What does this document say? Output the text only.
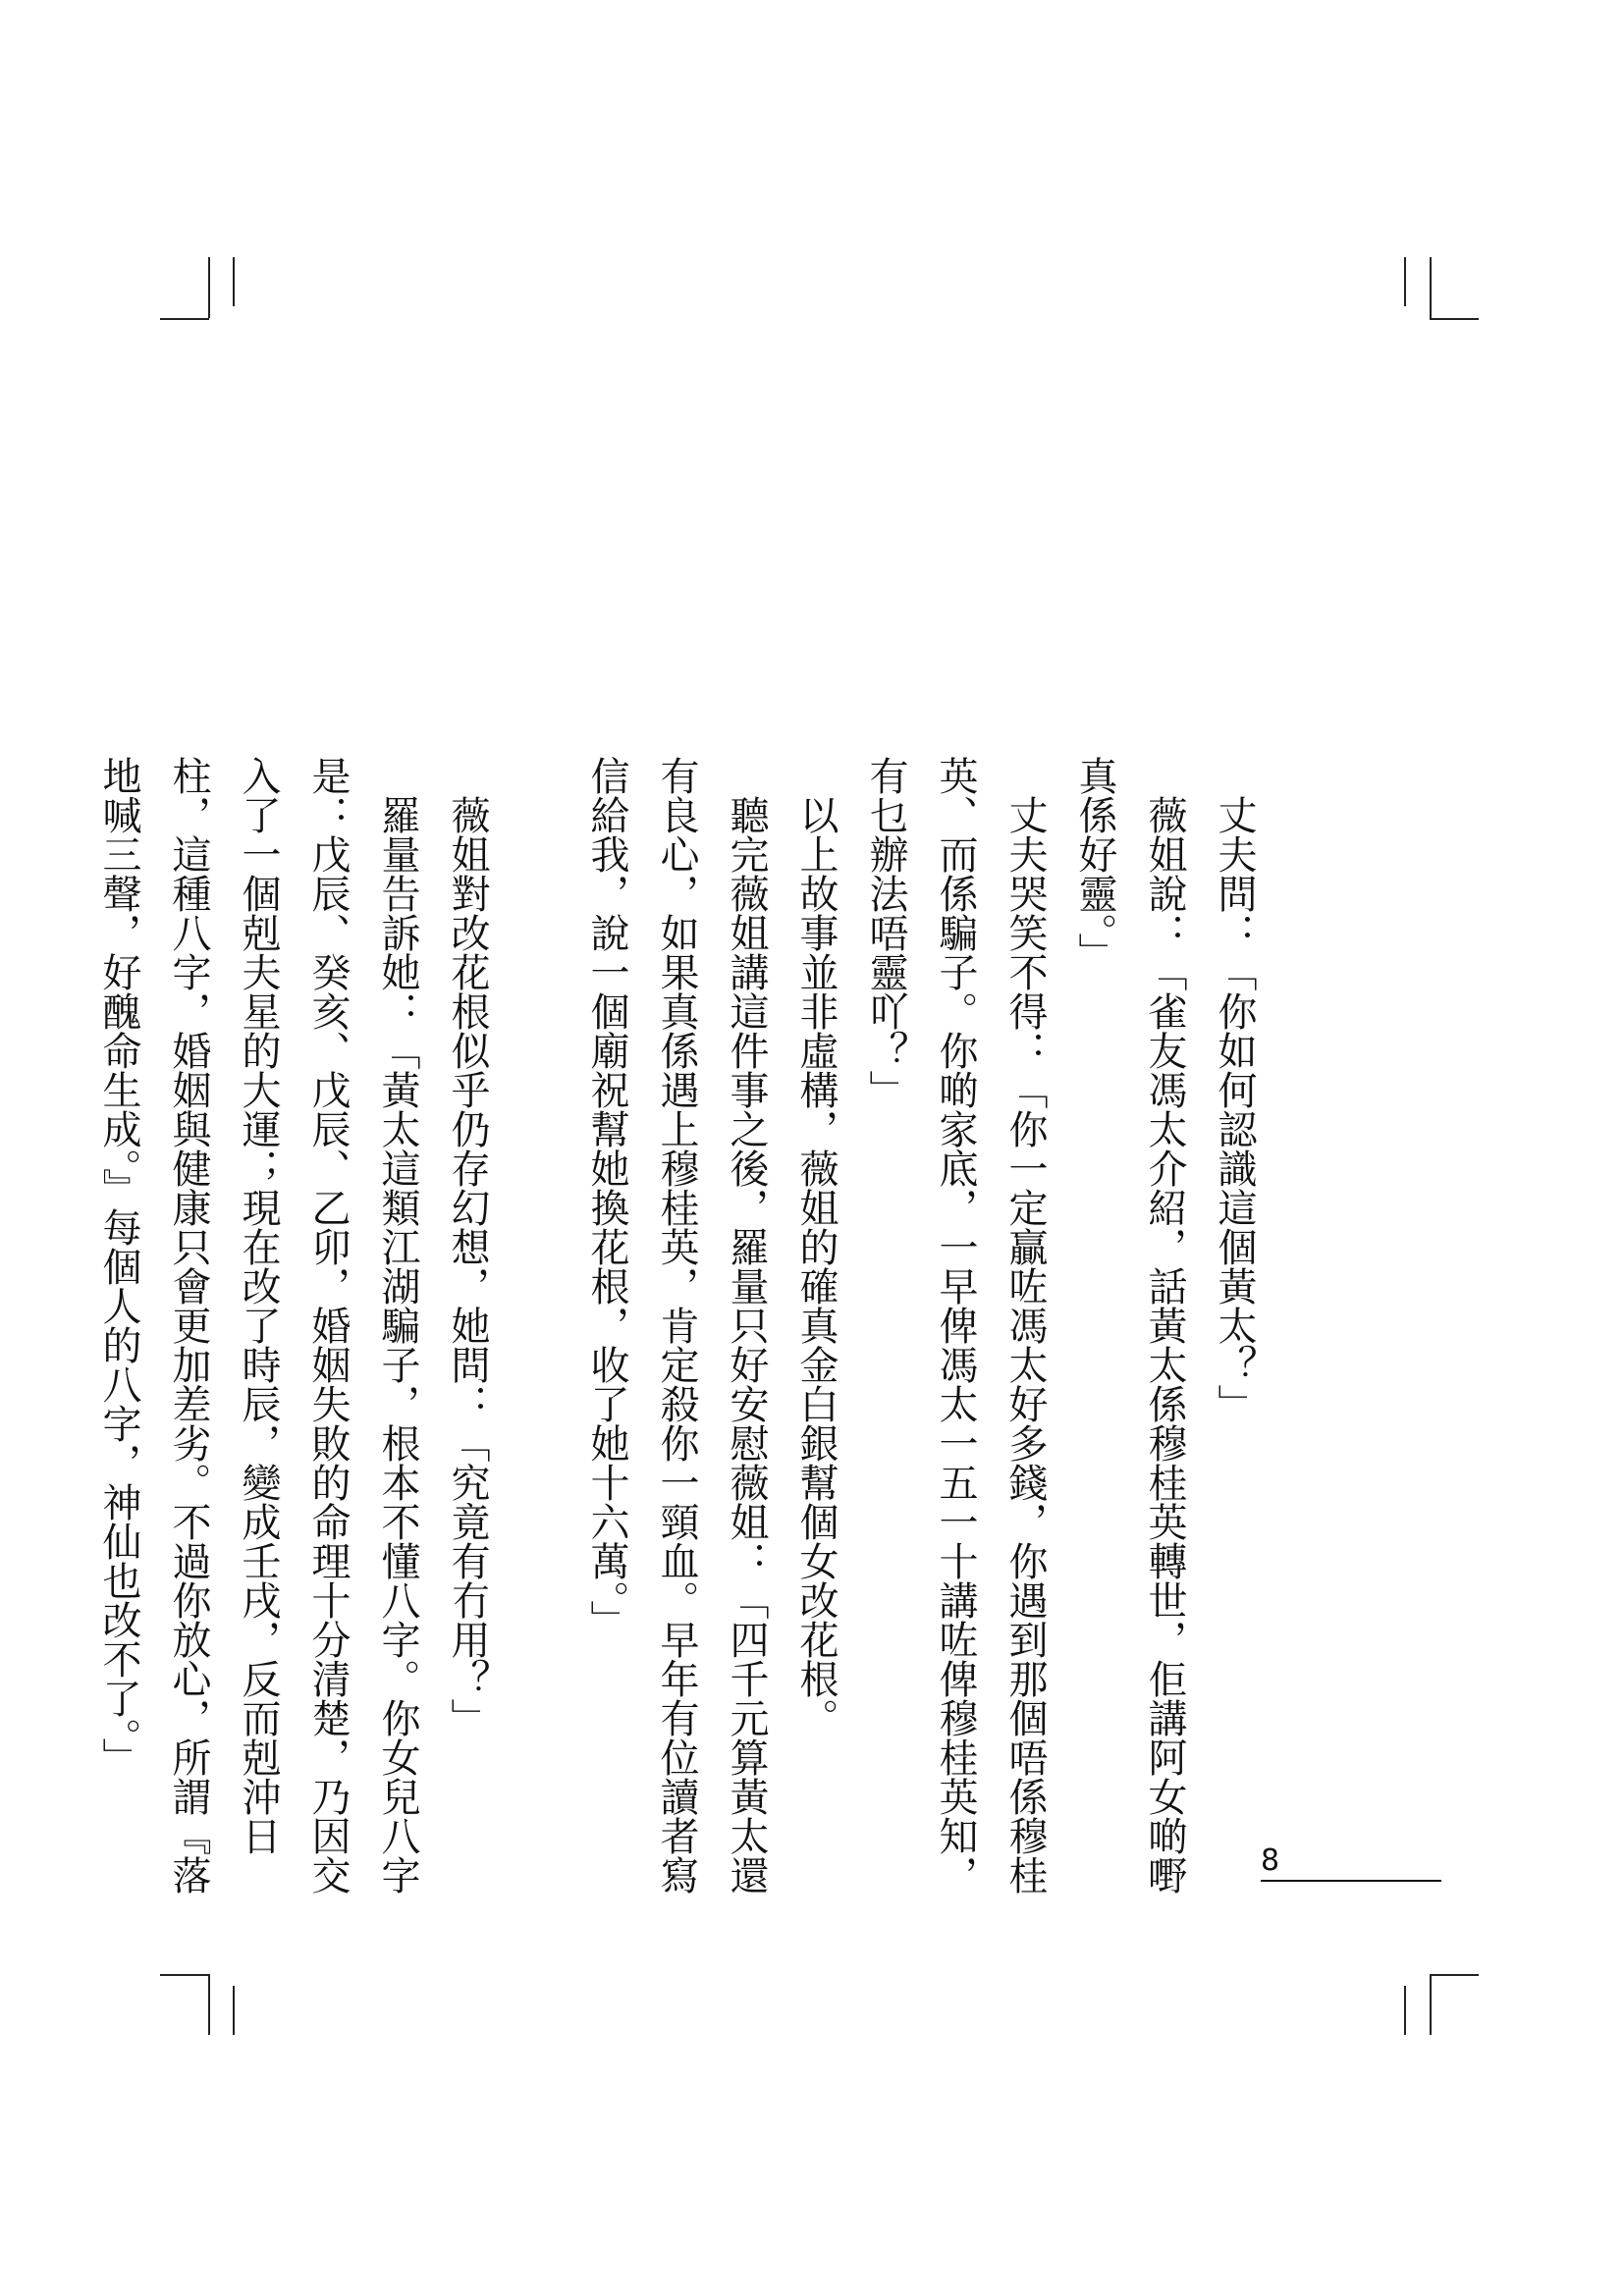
丈夫問：「你如何認識這個黃太？」

薇姐說：「雀友馮太介紹，話黃太係穆桂英轉世，佢講阿女啲嘢真係好靈。」

丈夫哭笑不得：「你一定贏咗馮太好多錢，你遇到那個唔係穆桂英、而係騙子。你啲家底，一早俾馮太一五一十講咗俾穆桂英知，有乜辦法唔靈吖？」

以上故事並非虛構，薇姐的確真金白銀幫個女改花根。

聽完薇姐講這件事之後，羅量只好安慰薇姐：「四千元算黃太還有良心，如果真係遇上穆桂英，肯定殺你一頸血。早年有位讀者寫信給我，說一個廟祝幫她換花根，收了她十六萬。」

薇姐對改花根似乎仍存幻想，她問：「究竟有冇用？」

羅量告訴她：「黃太這類江湖騙子，根本不懂八字。你女兒八字是：戊辰、癸亥、戊辰、乙卯，婚姻失敗的命理十分清楚，乃因交入了一個剋夫星的大運；現在改了時辰，變成壬戌，反而剋沖日柱，這種八字，婚姻與健康只會更加差劣。不過你放心，所謂『落地喊三聲，好醜命生成。』每個人的八字，神仙也改不了。」

8
